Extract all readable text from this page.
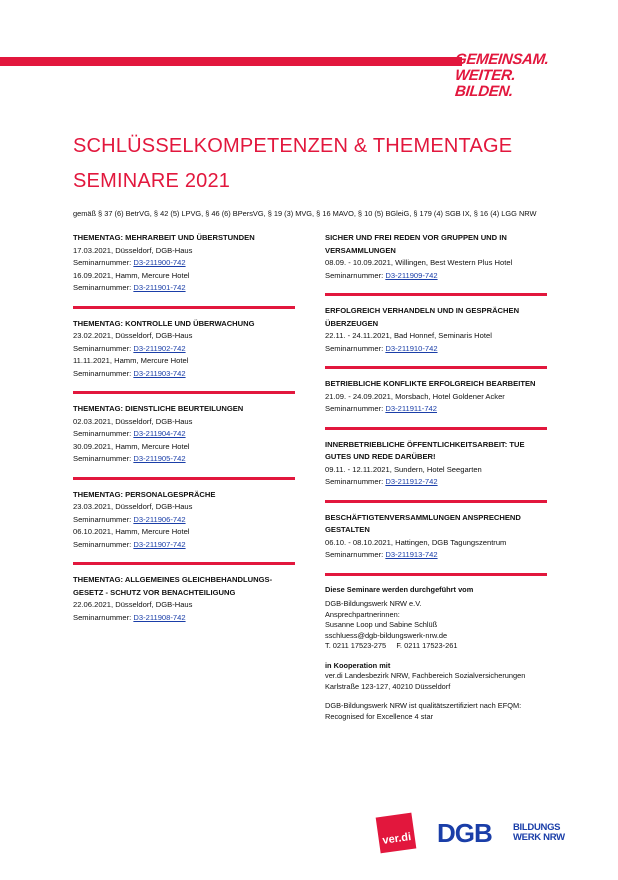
GEMEINSAM.
WEITER.
BILDEN.
SCHLÜSSELKOMPETENZEN & THEMENTAGE
SEMINARE 2021
gemäß § 37 (6) BetrVG, § 42 (5) LPVG, § 46 (6) BPersVG, § 19 (3) MVG, § 16 MAVO, § 10 (5) BGleiG, § 179 (4) SGB IX, § 16 (4) LGG NRW

THEMENTAG: MEHRARBEIT UND ÜBERSTUNDEN

17.03.2021, Düsseldorf, DGB-Haus

Seminarnummer: D3-211900-742

16.09.2021, Hamm, Mercure Hotel

Seminarnummer: D3-211901-742

THEMENTAG: KONTROLLE UND ÜBERWACHUNG

23.02.2021, Düsseldorf, DGB-Haus

Seminarnummer: D3-211902-742

11.11.2021, Hamm, Mercure Hotel

Seminarnummer: D3-211903-742

THEMENTAG: DIENSTLICHE BEURTEILUNGEN

02.03.2021, Düsseldorf, DGB-Haus

Seminarnummer: D3-211904-742

30.09.2021, Hamm, Mercure Hotel

Seminarnummer: D3-211905-742

THEMENTAG: PERSONALGESPRÄCHE

23.03.2021, Düsseldorf, DGB-Haus

Seminarnummer: D3-211906-742

06.10.2021, Hamm, Mercure Hotel

Seminarnummer: D3-211907-742

THEMENTAG: ALLGEMEINES GLEICHBEHANDLUNGS-GESETZ - SCHUTZ VOR BENACHTEILIGUNG

22.06.2021, Düsseldorf, DGB-Haus

Seminarnummer: D3-211908-742

SICHER UND FREI REDEN VOR GRUPPEN UND IN VERSAMMLUNGEN

08.09. - 10.09.2021, Willingen, Best Western Plus Hotel

Seminarnummer: D3-211909-742

ERFOLGREICH VERHANDELN UND IN GESPRÄCHEN ÜBERZEUGEN

22.11. - 24.11.2021, Bad Honnef, Seminaris Hotel

Seminarnummer: D3-211910-742

BETRIEBLICHE KONFLIKTE ERFOLGREICH BEARBEITEN

21.09. - 24.09.2021, Morsbach, Hotel Goldener Acker

Seminarnummer: D3-211911-742

INNERBETRIEBLICHE ÖFFENTLICHKEITSARBEIT: TUE GUTES UND REDE DARÜBER!

09.11. - 12.11.2021, Sundern, Hotel Seegarten

Seminarnummer: D3-211912-742

BESCHÄFTIGTENVERSAMMLUNGEN ANSPRECHEND GESTALTEN

06.10. - 08.10.2021, Hattingen, DGB Tagungszentrum

Seminarnummer: D3-211913-742

Diese Seminare werden durchgeführt vom

DGB-Bildungswerk NRW e.V.

Ansprechpartnerinnen:

Susanne Loop und Sabine Schlüß

sschluess@dgb-bildungswerk-nrw.de

T. 0211 17523-275     F. 0211 17523-261

in Kooperation mit

ver.di Landesbezirk NRW, Fachbereich Sozialversicherungen

Karlstraße 123-127, 40210 Düsseldorf

DGB-Bildungswerk NRW ist qualitätszertifiziert nach EFQM:

Recognised for Excellence 4 star

ver.di DGB BILDUNGS
WERK NRW
